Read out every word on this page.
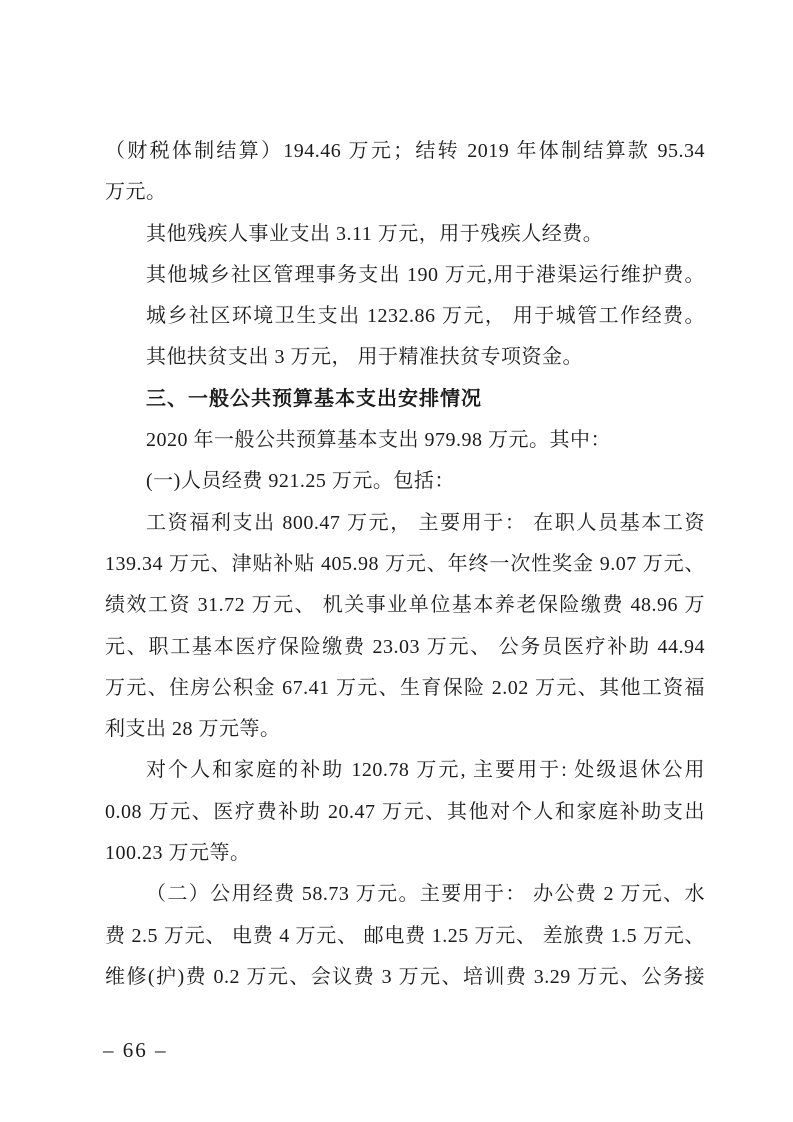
（财税体制结算）194.46 万元；结转 2019 年体制结算款 95.34
万元。
其他残疾人事业支出 3.11 万元，用于残疾人经费。
其他城乡社区管理事务支出 190 万元,用于港渠运行维护费。
城乡社区环境卫生支出 1232.86 万元， 用于城管工作经费。
其他扶贫支出 3 万元， 用于精准扶贫专项资金。
三、一般公共预算基本支出安排情况
2020 年一般公共预算基本支出 979.98 万元。其中：
(一)人员经费 921.25 万元。包括：
工资福利支出 800.47 万元， 主要用于： 在职人员基本工资
139.34 万元、津贴补贴 405.98 万元、年终一次性奖金 9.07 万元、
绩效工资 31.72 万元、 机关事业单位基本养老保险缴费 48.96 万
元、职工基本医疗保险缴费 23.03 万元、 公务员医疗补助 44.94
万元、住房公积金 67.41 万元、生育保险 2.02 万元、其他工资福
利支出 28 万元等。
对个人和家庭的补助 120.78 万元, 主要用于: 处级退休公用
0.08 万元、医疗费补助 20.47 万元、其他对个人和家庭补助支出
100.23 万元等。
（二）公用经费 58.73 万元。主要用于： 办公费 2 万元、水
费 2.5 万元、 电费 4 万元、 邮电费 1.25 万元、 差旅费 1.5 万元、
维修(护)费 0.2 万元、会议费 3 万元、培训费 3.29 万元、公务接
– 66 –
